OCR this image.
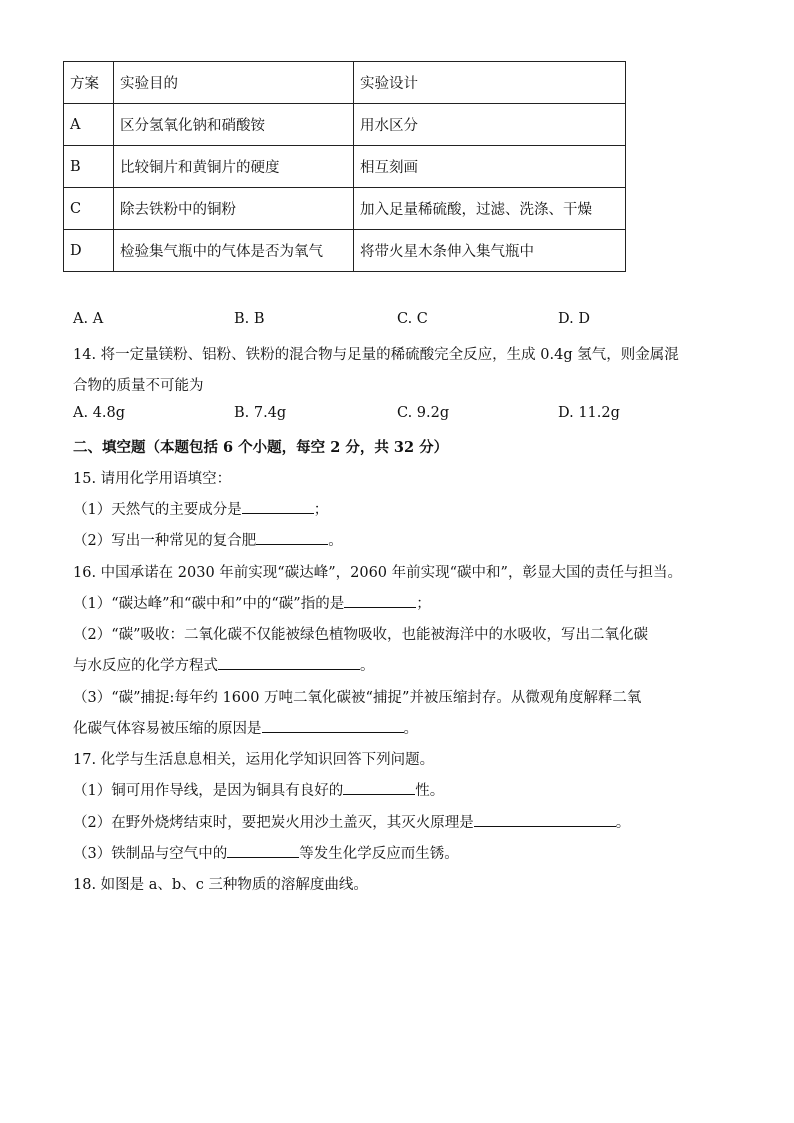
方案	实验目的	实验设计
A	区分氢氧化钠和硝酸铵	用水区分
B	比较铜片和黄铜片的硬度	相互刻画
C	除去铁粉中的铜粉	加入足量稀硫酸，过滤、洗涤、干燥
D	检验集气瓶中的气体是否为氧气	将带火星木条伸入集气瓶中
A. A	B. B	C. C	D. D
14. 将一定量镁粉、铝粉、铁粉的混合物与足量的稀硫酸完全反应，生成 0.4g 氢气，则金属混
合物的质量不可能为
A. 4.8g	B. 7.4g	C. 9.2g	D. 11.2g
二、填空题（本题包括 6 个小题，每空 2 分，共 32 分）
15. 请用化学用语填空：
（1）天然气的主要成分是	；
（2）写出一种常见的复合肥	。
16. 中国承诺在 2030 年前实现“碳达峰”，2060 年前实现“碳中和”，彰显大国的责任与担当。
（1）“碳达峰”和“碳中和”中的“碳”指的是	；
（2）“碳”吸收：二氧化碳不仅能被绿色植物吸收，也能被海洋中的水吸收，写出二氧化碳
与水反应的化学方程式	。
（3）“碳”捕捉:每年约 1600 万吨二氧化碳被“捕捉”并被压缩封存。从微观角度解释二氧
化碳气体容易被压缩的原因是	。
17. 化学与生活息息相关，运用化学知识回答下列问题。
（1）铜可用作导线，是因为铜具有良好的	性。
（2）在野外烧烤结束时，要把炭火用沙土盖灭，其灭火原理是	。
（3）铁制品与空气中的	等发生化学反应而生锈。
18. 如图是 a、b、c 三种物质的溶解度曲线。
